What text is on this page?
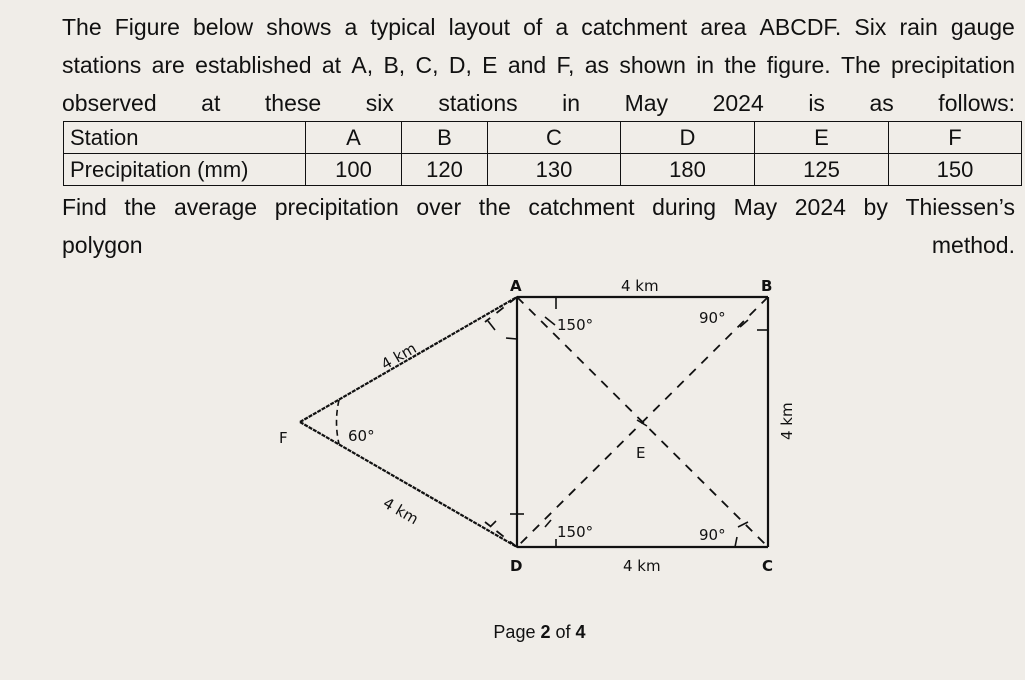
The Figure below shows a typical layout of a catchment area ABCDF. Six rain gauge
stations are established at A, B, C, D, E and F, as shown in the figure. The precipitation
observed at these six stations in May 2024 is as follows:
Station	A	B	C	D	E	F
Precipitation (mm)	100	120	130	180	125	150
Find the average precipitation over the catchment during May 2024 by Thiessen’s
polygon method.
A	B
C
D
E
F
4 km
4 km
4 km
4 km
4 km
60°
150°
150°
90°
90°
Page 2 of 4
